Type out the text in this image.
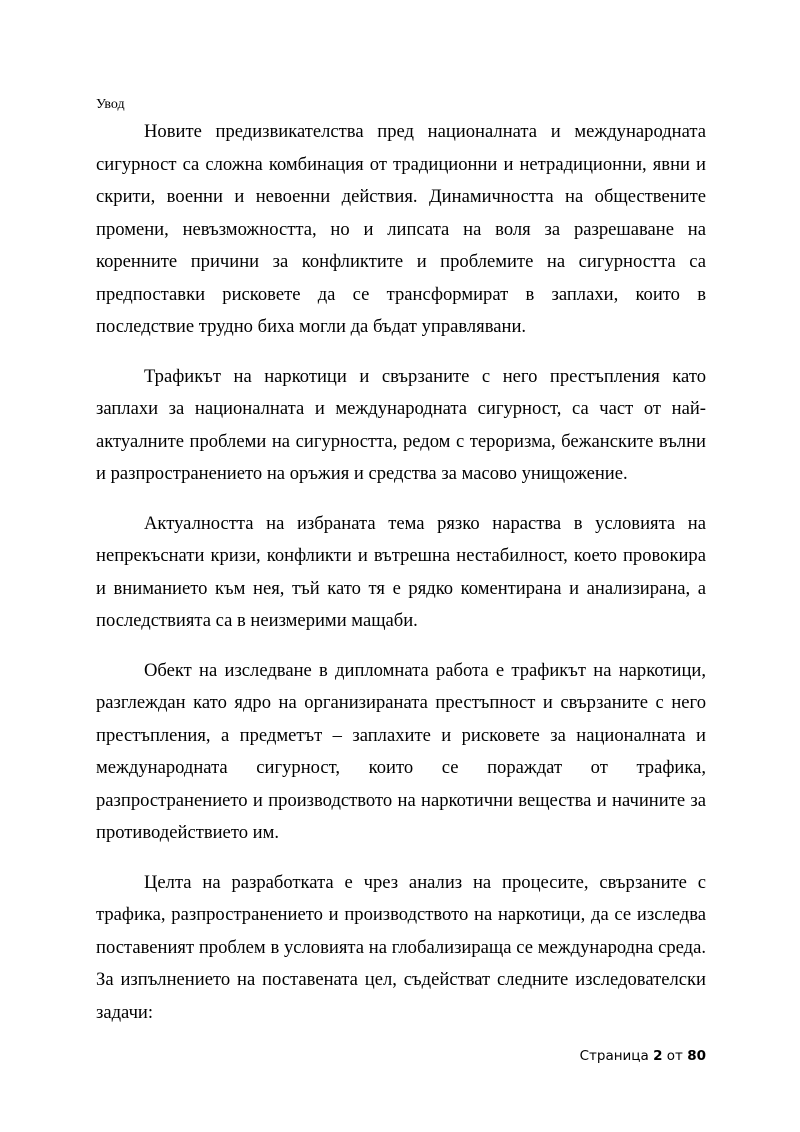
Увод

Новите предизвикателства пред националната и международната сигурност са сложна комбинация от традиционни и нетрадиционни, явни и скрити, военни и невоенни действия. Динамичността на обществените промени, невъзможността, но и липсата на воля за разрешаване на коренните причини за конфликтите и проблемите на сигурността са предпоставки рисковете да се трансформират в заплахи, които в последствие трудно биха могли да бъдат управлявани.

Трафикът на наркотици и свързаните с него престъпления като заплахи за националната и международната сигурност, са част от най-актуалните проблеми на сигурността, редом с тероризма, бежанските вълни и разпространението на оръжия и средства за масово унищожение.

Актуалността на избраната тема рязко нараства в условията на непрекъснати кризи, конфликти и вътрешна нестабилност, което провокира и вниманието към нея, тъй като тя е рядко коментирана и анализирана, а последствията са в неизмерими мащаби.

Обект на изследване в дипломната работа е трафикът на наркотици, разглеждан като ядро на организираната престъпност и свързаните с него престъпления, а предметът – заплахите и рисковете за националната и международната сигурност, които се пораждат от трафика, разпространението и производството на наркотични вещества и начините за противодействието им.

Целта на разработката е чрез анализ на процесите, свързаните с трафика, разпространението и производството на наркотици, да се изследва поставеният проблем в условията на глобализираща се международна среда. За изпълнението на поставената цел, съдействат следните изследователски задачи:

Страница 2 от 80
